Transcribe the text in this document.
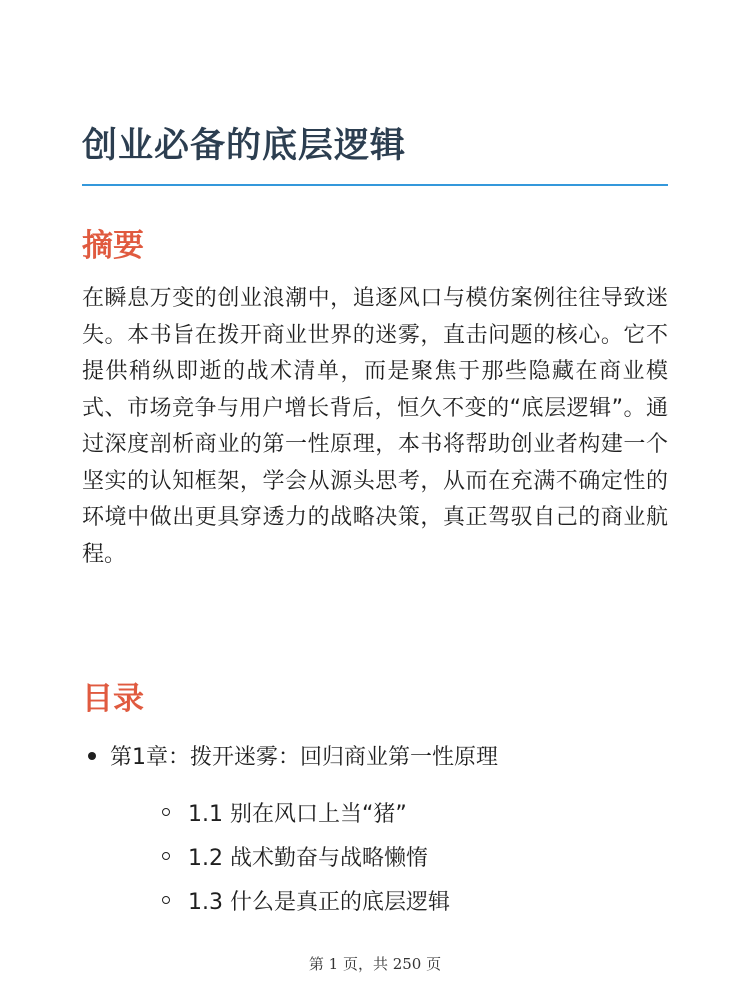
创业必备的底层逻辑
摘要

在瞬息万变的创业浪潮中，追逐风口与模仿案例往往导致迷失。本书旨在拨开商业世界的迷雾，直击问题的核心。它不提供稍纵即逝的战术清单，而是聚焦于那些隐藏在商业模式、市场竞争与用户增长背后，恒久不变的“底层逻辑”。通过深度剖析商业的第一性原理，本书将帮助创业者构建一个坚实的认知框架，学会从源头思考，从而在充满不确定性的环境中做出更具穿透力的战略决策，真正驾驭自己的商业航程。

目录
第1章：拨开迷雾：回归商业第一性原理
1.1 别在风口上当“猪”
1.2 战术勤奋与战略懒惰
1.3 什么是真正的底层逻辑
第 1 页，共 250 页
